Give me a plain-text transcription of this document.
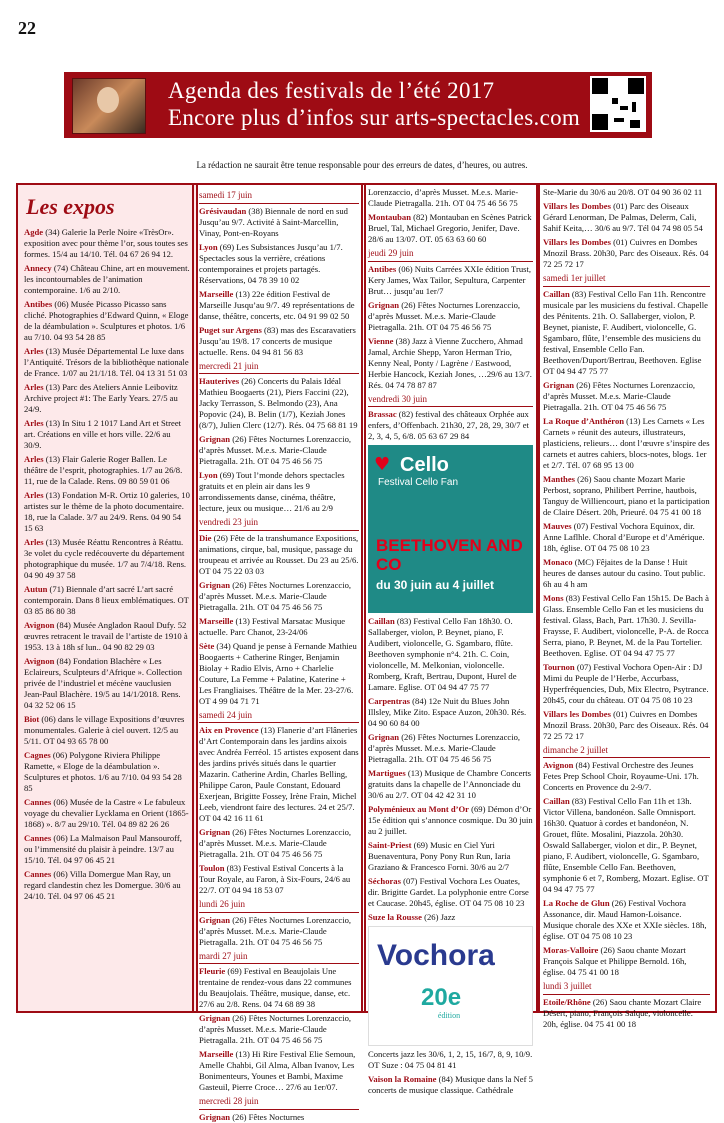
22
Agenda des festivals de l’été 2017
Encore plus d’infos sur arts-spectacles.com
La rédaction ne saurait être tenue responsable pour des erreurs de dates, d’heures, ou autres.
Les expos
Agde (34) Galerie la Perle Noire «TrèsOr». exposition avec pour thème l’or, sous toutes ses formes. 15/4 au 14/10. Tél. 04 67 26 94 12.
Annecy (74) Château Chine, art en mouvement. les incontournables de l’animation contemporaine. 1/6 au 2/10.
Antibes (06) Musée Picasso Picasso sans cliché. Photographies d’Edward Quinn, « Eloge de la déambulation ». Sculptures et photos. 1/6 au 7/10. 04 93 54 28 85
Arles (13) Musée Départemental Le luxe dans l’Antiquité. Trésors de la bibliothèque nationale de France. 1/07 au 21/1/18. Tél. 04 13 31 51 03
Arles (13) Parc des Ateliers Annie Leibovitz Archive project #1: The Early Years. 27/5 au 24/9.
Arles (13) In Situ 1 2 1017 Land Art et Street art. Créations en ville et hors ville. 22/6 au 30/9.
Arles (13) Flair Galerie Roger Ballen. Le théâtre de l’esprit, photographies. 1/7 au 26/8. 11, rue de la Calade. Rens. 09 80 59 01 06
Arles (13) Fondation M-R. Ortiz 10 galeries, 10 artistes sur le thème de la photo documentaire. 18, rue la Calade. 3/7 au 24/9. Rens. 04 90 54 15 63
Arles (13) Musée Réattu Rencontres à Réattu. 3e volet du cycle redécouverte du département photographique du musée. 1/7 au 7/4/18. Rens. 04 90 49 37 58
Autun (71) Biennale d’art sacré L’art sacré contemporain. Dans 8 lieux emblématiques. OT 03 85 86 80 38
Avignon (84) Musée Angladon Raoul Dufy. 52 œuvres retracent le travail de l’artiste de 1910 à 1953. 13 à 18h sf lun.. 04 90 82 29 03
Avignon (84) Fondation Blachère « Les Eclaireurs, Sculpteurs d’Afrique ». Collection privée de l’industriel et mécène vauclusien Jean-Paul Blachère. 19/5 au 14/1/2018. Rens. 04 32 52 06 15
Biot (06) dans le village Expositions d’œuvres monumentales. Galerie à ciel ouvert. 12/5 au 5/11. OT 04 93 65 78 00
Cagnes (06) Polygone Riviera Philippe Ramette, « Eloge de la déambulation ». Sculptures et photos. 1/6 au 7/10. 04 93 54 28 85
Cannes (06) Musée de la Castre « Le fabuleux voyage du chevalier Lycklama en Orient (1865-1868) ». 8/7 au 29/10. Tél. 04 89 82 26 26
Cannes (06) La Malmaison Paul Mansouroff, ou l’immensité du plaisir à peindre. 13/7 au 15/10. Tél. 04 97 06 45 21
Cannes (06) Villa Domergue Man Ray, un regard clandestin chez les Domergue. 30/6 au 24/10. Tél. 04 97 06 45 21
samedi 17 juin
Grésivaudan (38) Biennale de nord en sud Jusqu’au 9/7. Activité à Saint-Marcellin, Vinay, Pont-en-Royans
Lyon (69) Les Subsistances Jusqu’au 1/7. Spectacles sous la verrière, créations contemporaines et projets partagés. Réservations, 04 78 39 10 02
Marseille (13) 22e édition Festival de Marseille Jusqu’au 9/7. 49 représentations de danse, théâtre, concerts, etc. 04 91 99 02 50
Puget sur Argens (83) mas des Escaravatiers Jusqu’au 19/8. 17 concerts de musique actuelle. Rens. 04 94 81 56 83
mercredi 21 juin
Hauterives (26) Concerts du Palais Idéal Mathieu Boogaerts (21), Piers Faccini (22), Jacky Terrasson, S. Belmondo (23), Ana Popovic (24), B. Belin (1/7), Keziah Jones (8/7), Julien Clerc (12/7). Rés. 04 75 68 81 19
Grignan (26) Fêtes Nocturnes Lorenzaccio, d’après Musset. M.e.s. Marie-Claude Pietragalla. 21h. OT 04 75 46 56 75
Lyon (69) Tout l’monde dehors spectacles gratuits et en plein air dans les 9 arrondissements danse, cinéma, théâtre, lecture, jeux ou musique… 21/6 au 2/9
vendredi 23 juin
Die (26) Fête de la transhumance Expositions, animations, cirque, bal, musique, passage du troupeau et arrivée au Rousset. Du 23 au 25/6. OT 04 75 22 03 03
Grignan (26) Fêtes Nocturnes Lorenzaccio, d’après Musset. M.e.s. Marie-Claude Pietragalla. 21h. OT 04 75 46 56 75
Marseille (13) Festival Marsatac Musique actuelle. Parc Chanot, 23-24/06
Sète (34) Quand je pense à Fernande Mathieu Boogaerts + Catherine Ringer, Benjamin Biolay + Radio Elvis, Arno + Charlelie Couture, La Femme + Palatine, Katerine + Les Frangliaises. Théâtre de la Mer. 23-27/6. OT 4 99 04 71 71
samedi 24 juin
Aix en Provence (13) Flanerie d’art Flâneries d’Art Contemporain dans les jardins aixois avec Andréa Ferréol. 15 artistes exposent dans des jardins privés situés dans le quartier Mazarin. Catherine Ardin, Charles Belling, Philippe Caron, Paule Constant, Edouard Exerjean, Brigitte Fossey, Irène Frain, Michel Leeb, viendront faire des lectures. 24 et 25/7. OT 04 42 16 11 61
Grignan (26) Fêtes Nocturnes Lorenzaccio, d’après Musset. M.e.s. Marie-Claude Pietragalla. 21h. OT 04 75 46 56 75
Toulon (83) Festival Estival Concerts à la Tour Royale, au Faron, à Six-Fours, 24/6 au 22/7. OT 04 94 18 53 07
lundi 26 juin
Grignan (26) Fêtes Nocturnes Lorenzaccio, d’après Musset. M.e.s. Marie-Claude Pietragalla. 21h. OT 04 75 46 56 75
mardi 27 juin
Fleurie (69) Festival en Beaujolais Une trentaine de rendez-vous dans 22 communes du Beaujolais. Théâtre, musique, danse, etc. 27/6 au 2/8. Rens. 04 74 68 89 38
Grignan (26) Fêtes Nocturnes Lorenzaccio, d’après Musset. M.e.s. Marie-Claude Pietragalla. 21h. OT 04 75 46 56 75
Marseille (13) Hi Rire Festival Elie Semoun, Amelle Chahbi, Gil Alma, Alban Ivanov, Les Bonimenteurs, Younes et Bambi, Maxime Gasteuil, Pierre Croce… 27/6 au 1er/07.
mercredi 28 juin
Grignan (26) Fêtes Nocturnes
Lorenzaccio, d’après Musset. M.e.s. Marie-Claude Pietragalla. 21h. OT 04 75 46 56 75
Montauban (82) Montauban en Scènes Patrick Bruel, Tal, Michael Gregorio, Jenifer, Dave. 28/6 au 13/07. OT. 05 63 63 60 60
jeudi 29 juin
Antibes (06) Nuits Carrées XXIe édition Trust, Kery James, Wax Tailor, Sepultura, Carpenter Brut… jusqu’au 1er/7
Grignan (26) Fêtes Nocturnes Lorenzaccio, d’après Musset. M.e.s. Marie-Claude Pietragalla. 21h. OT 04 75 46 56 75
Vienne (38) Jazz à Vienne Zucchero, Ahmad Jamal, Archie Shepp, Yaron Herman Trio, Kenny Neal, Ponty / Lagrène / Eastwood, Herbie Hancock, Keziah Jones, …29/6 au 13/7. Rés. 04 74 78 87 87
vendredi 30 juin
Brassac (82) festival des châteaux Orphée aux enfers, d’Offenbach. 21h30, 27, 28, 29, 30/7 et 2, 3, 4, 5, 6/8. 05 63 67 29 84
♥ Cello
Festival Cello Fan
BEETHOVEN AND CO
du 30 juin au 4 juillet
Caillan (83) Festival Cello Fan 18h30. O. Sallaberger, violon, P. Beynet, piano, F. Audibert, violoncelle, G. Sgambaro, flûte. Beethoven symphonie n°4. 21h. C. Coin, violoncelle, M. Melkonian, violoncelle. Romberg, Kraft, Bertrau, Dupont, Hurel de Lamare. Eglise. OT 04 94 47 75 77
Carpentras (84) 12e Nuit du Blues John Illsley, Mike Zito. Espace Auzon, 20h30. Rés. 04 90 60 84 00
Grignan (26) Fêtes Nocturnes Lorenzaccio, d’après Musset. M.e.s. Marie-Claude Pietragalla. 21h. OT 04 75 46 56 75
Martigues (13) Musique de Chambre Concerts gratuits dans la chapelle de l’Annonciade du 30/6 au 2/7. OT 04 42 42 31 10
Polyménieux au Mont d’Or (69) Démon d’Or 15e édition qui s’annonce cosmique. Du 30 juin au 2 juillet.
Saint-Priest (69) Music en Ciel Yuri Buenaventura, Pony Pony Run Run, Iaria Graziano & Francesco Forni. 30/6 au 2/7
Séchoras (07) Festival Vochora Les Ouates, dir. Brigitte Gardet. La polyphonie entre Corse et Caucase. 20h45, église. OT 04 75 08 10 23
Suze la Rousse (26) Jazz
Vochora
20e
édition
Concerts jazz les 30/6, 1, 2, 15, 16/7, 8, 9, 10/9. OT Suze : 04 75 04 81 41
Vaison la Romaine (84) Musique dans la Nef 5 concerts de musique classique. Cathédrale
Ste-Marie du 30/6 au 20/8. OT 04 90 36 02 11
Villars les Dombes (01) Parc des Oiseaux Gérard Lenorman, De Palmas, Delerm, Cali, Sahif Keita,… 30/6 au 9/7. Tél 04 74 98 05 54
Villars les Dombes (01) Cuivres en Dombes Mnozil Brass. 20h30, Parc des Oiseaux. Rés. 04 72 25 72 17
samedi 1er juillet
Caillan (83) Festival Cello Fan 11h. Rencontre musicale par les musiciens du festival. Chapelle des Pénitents. 21h. O. Sallaberger, violon, P. Beynet, pianiste, F. Audibert, violoncelle, G. Sgambaro, flûte, l’ensemble des musiciens du festival, Ensemble Cello Fan. Beethoven/Duport/Bertrau, Beethoven. Eglise OT 04 94 47 75 77
Grignan (26) Fêtes Nocturnes Lorenzaccio, d’après Musset. M.e.s. Marie-Claude Pietragalla. 21h. OT 04 75 46 56 75
La Roque d’Anthéron (13) Les Carnets « Les Carnets » réunit des auteurs, illustrateurs, plasticiens, relieurs… dont l’œuvre s’inspire des carnets et autres cahiers, blocs-notes, blogs. 1er et 2/7. Tél. 07 68 95 13 00
Manthes (26) Saou chante Mozart Marie Perbost, soprano, Philibert Perrine, hautbois, Tanguy de Williencourt, piano et la participation de Claire Désert. 20h, Prieuré. 04 75 41 00 18
Mauves (07) Festival Vochora Equinox, dir. Anne Laflhle. Choral d’Europe et d’Amérique. 18h, église. OT 04 75 08 10 23
Monaco (MC) Fêjaites de la Danse ! Huit heures de danses autour du casino. Tout public. 6h au 4 h am
Mons (83) Festival Cello Fan 15h15. De Bach à Glass. Ensemble Cello Fan et les musiciens du festival. Glass, Bach, Part. 17h30. J. Sevilla-Fraysse, F. Audibert, violoncelle, P-A. de Rocca Serra, piano, P. Beynet, M. de la Pau Tortelier. Beethoven. Eglise. OT 04 94 47 75 77
Tournon (07) Festival Vochora Open-Air : DJ Mimi du Peuple de l’Herbe, Accurbass, Hyperfréquencies, Dub, Mix Electro, Psytrance. 20h45, cour du château. OT 04 75 08 10 23
Villars les Dombes (01) Cuivres en Dombes Mnozil Brass. 20h30, Parc des Oiseaux. Rés. 04 72 25 72 17
dimanche 2 juillet
Avignon (84) Festival Orchestre des Jeunes Fetes Prep School Choir, Royaume-Uni. 17h. Concerts en Provence du 2-9/7.
Caillan (83) Festival Cello Fan 11h et 13h. Victor Villena, bandonéon. Salle Omnisport. 16h30. Quatuor à cordes et bandonéon, N. Grouet, flûte. Mosalini, Piazzola. 20h30. Oswald Sallaberger, violon et dir., P. Beynet, piano, F. Audibert, violoncelle, G. Sgambaro, flûte, Ensemble Cello Fan. Beethoven, symphonie 6 et 7, Romberg, Mozart. Eglise. OT 04 94 47 75 77
La Roche de Glun (26) Festival Vochora Assonance, dir. Maud Hamon-Loisance. Musique chorale des XXe et XXIe siècles. 18h, église. OT 04 75 08 10 23
Moras-Valloire (26) Saou chante Mozart François Salque et Philippe Bernold. 16h, église. 04 75 41 00 18
lundi 3 juillet
Etoile/Rhône (26) Saou chante Mozart Claire Désert, piano, François Salque, violoncelle. 20h, église. 04 75 41 00 18
